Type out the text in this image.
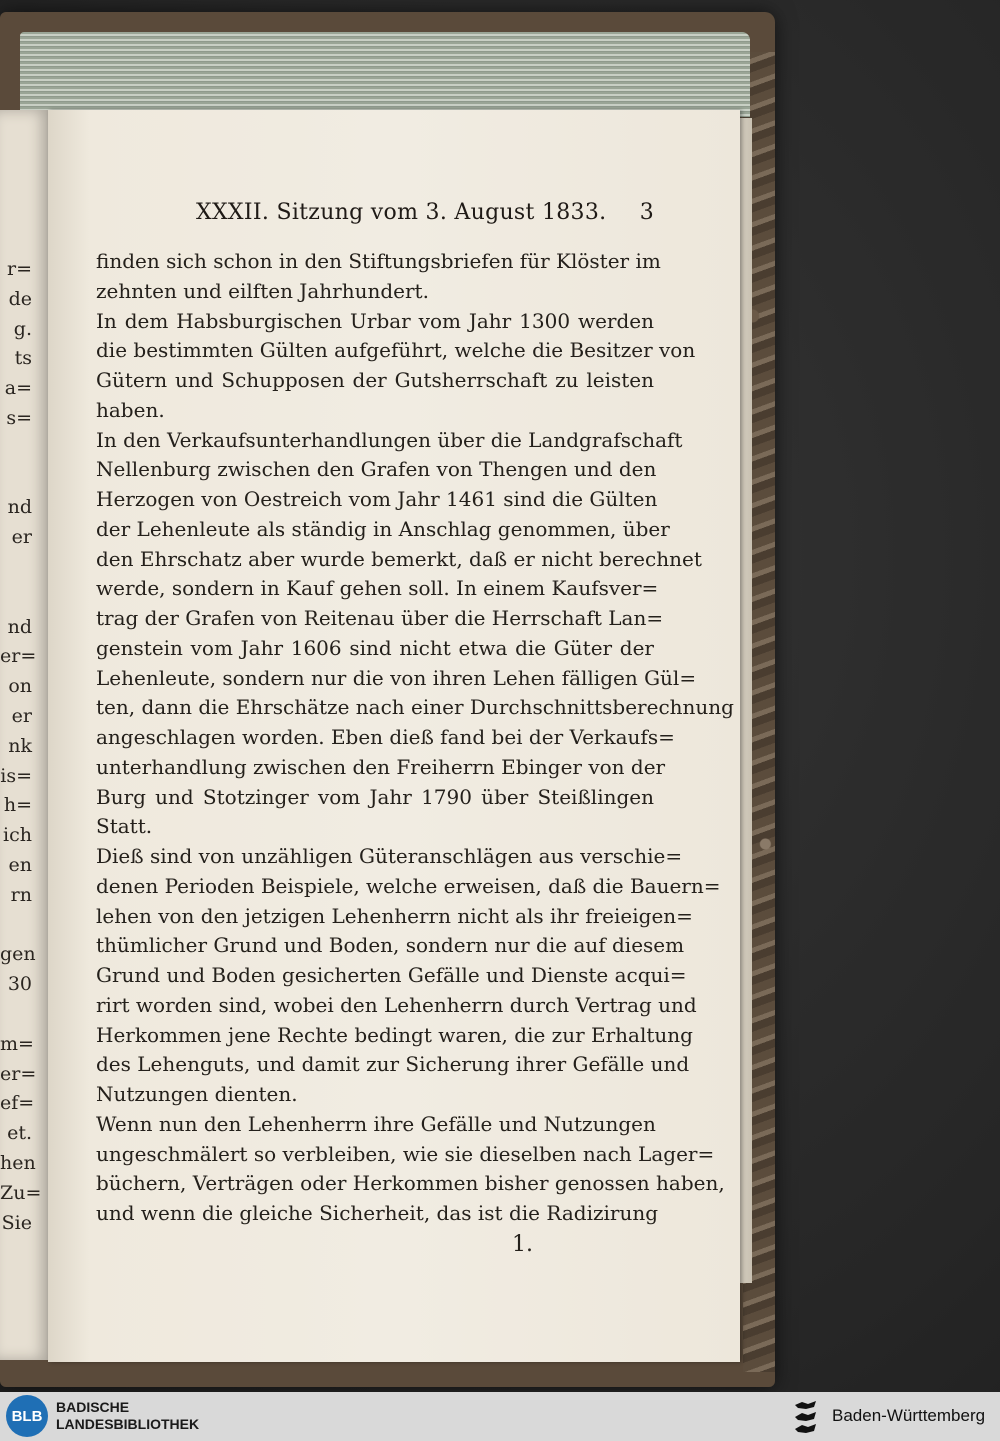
r=
de
g.
ts
a=
s=
nd
er
nd
er=
on
er
nk
is=
h=
ich
en
rn
gen
30
m=
er=
ef=
et.
hen
Zu=
Sie
XXXII. Sitzung vom 3. August 1833. 3
finden sich schon in den Stiftungsbriefen für Klöster im
zehnten und eilften Jahrhundert.
In dem Habsburgischen Urbar vom Jahr 1300 werden
die bestimmten Gülten aufgeführt, welche die Besitzer von
Gütern und Schupposen der Gutsherrschaft zu leisten
haben.
In den Verkaufsunterhandlungen über die Landgrafschaft
Nellenburg zwischen den Grafen von Thengen und den
Herzogen von Oestreich vom Jahr 1461 sind die Gülten
der Lehenleute als ständig in Anschlag genommen, über
den Ehrschatz aber wurde bemerkt, daß er nicht berechnet
werde, sondern in Kauf gehen soll. In einem Kaufsver=
trag der Grafen von Reitenau über die Herrschaft Lan=
genstein vom Jahr 1606 sind nicht etwa die Güter der
Lehenleute, sondern nur die von ihren Lehen fälligen Gül=
ten, dann die Ehrschätze nach einer Durchschnittsberechnung
angeschlagen worden. Eben dieß fand bei der Verkaufs=
unterhandlung zwischen den Freiherrn Ebinger von der
Burg und Stotzinger vom Jahr 1790 über Steißlingen
Statt.
Dieß sind von unzähligen Güteranschlägen aus verschie=
denen Perioden Beispiele, welche erweisen, daß die Bauern=
lehen von den jetzigen Lehenherrn nicht als ihr freieigen=
thümlicher Grund und Boden, sondern nur die auf diesem
Grund und Boden gesicherten Gefälle und Dienste acqui=
rirt worden sind, wobei den Lehenherrn durch Vertrag und
Herkommen jene Rechte bedingt waren, die zur Erhaltung
des Lehenguts, und damit zur Sicherung ihrer Gefälle und
Nutzungen dienten.
Wenn nun den Lehenherrn ihre Gefälle und Nutzungen
ungeschmälert so verbleiben, wie sie dieselben nach Lager=
büchern, Verträgen oder Herkommen bisher genossen haben,
und wenn die gleiche Sicherheit, das ist die Radizirung
1.
BLB
BADISCHE
LANDESBIBLIOTHEK	Baden-Württemberg
